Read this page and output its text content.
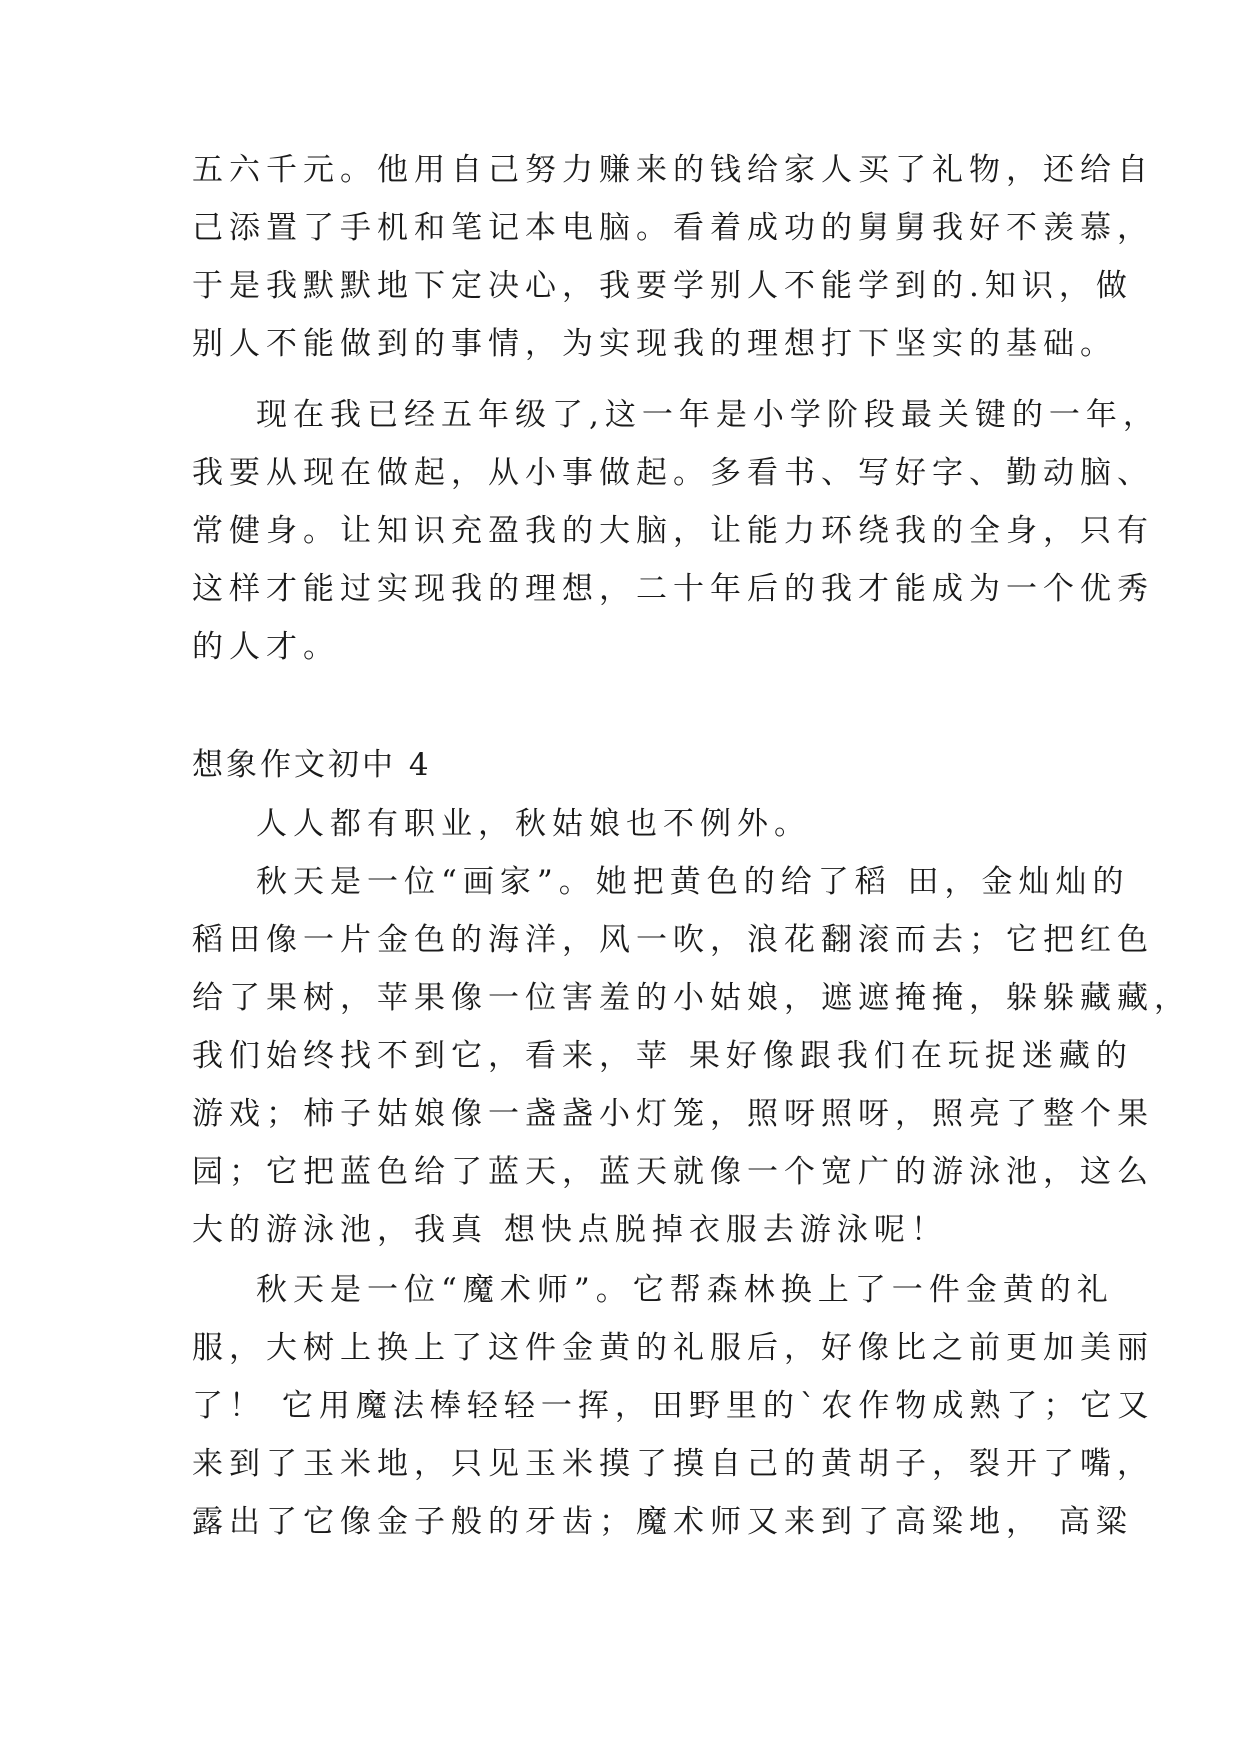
五六千元。他用自己努力赚来的钱给家人买了礼物，还给自
己添置了手机和笔记本电脑。看着成功的舅舅我好不羡慕，
于是我默默地下定决心，我要学别人不能学到的.知识，做
别人不能做到的事情，为实现我的理想打下坚实的基础。
现在我已经五年级了,这一年是小学阶段最关键的一年，
我要从现在做起，从小事做起。多看书、写好字、勤动脑、
常健身。让知识充盈我的大脑，让能力环绕我的全身，只有
这样才能过实现我的理想，二十年后的我才能成为一个优秀
的人才。
想象作文初中 4
人人都有职业，秋姑娘也不例外。
秋天是一位“画家”。她把黄色的给了稻 田，金灿灿的
稻田像一片金色的海洋，风一吹，浪花翻滚而去；它把红色
给了果树，苹果像一位害羞的小姑娘，遮遮掩掩，躲躲藏藏，
我们始终找不到它，看来，苹 果好像跟我们在玩捉迷藏的
游戏；柿子姑娘像一盏盏小灯笼，照呀照呀，照亮了整个果
园；它把蓝色给了蓝天，蓝天就像一个宽广的游泳池，这么
大的游泳池，我真 想快点脱掉衣服去游泳呢！
秋天是一位“魔术师”。它帮森林换上了一件金黄的礼
服，大树上换上了这件金黄的礼服后，好像比之前更加美丽
了！ 它用魔法棒轻轻一挥，田野里的`农作物成熟了；它又
来到了玉米地，只见玉米摸了摸自己的黄胡子，裂开了嘴，
露出了它像金子般的牙齿；魔术师又来到了高粱地， 高粱
